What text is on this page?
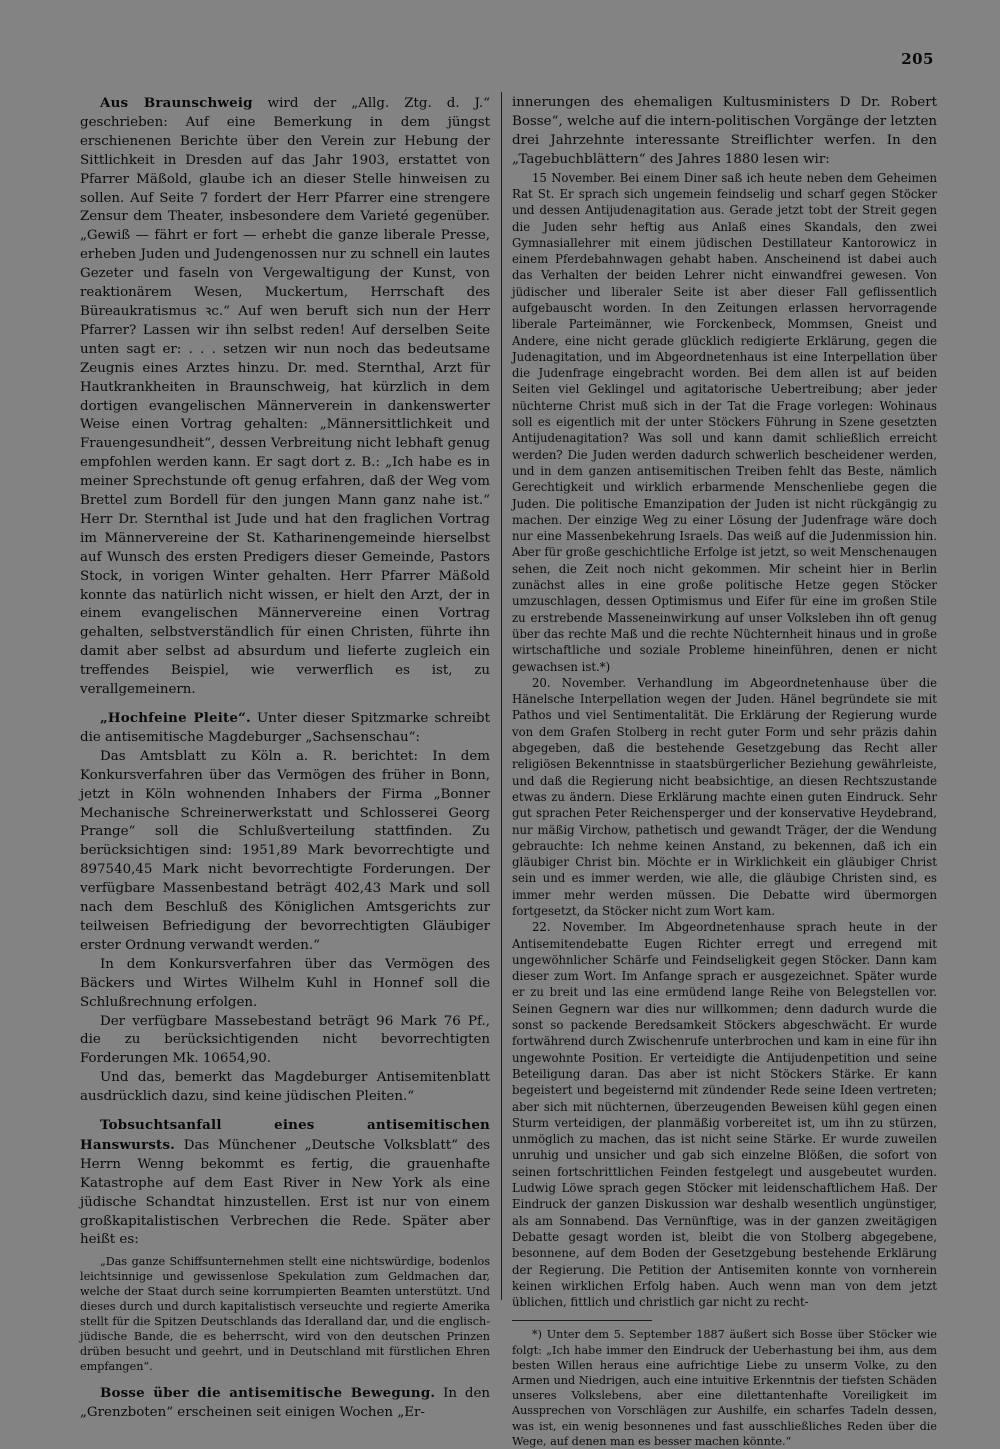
205

Aus Braunschweig wird der „Allg. Ztg. d. J.“ geschrieben: Auf eine Bemerkung in dem jüngst erschienenen Berichte über den Verein zur Hebung der Sittlichkeit in Dresden auf das Jahr 1903, erstattet von Pfarrer Mäßold, glaube ich an dieser Stelle hinweisen zu sollen. Auf Seite 7 fordert der Herr Pfarrer eine strengere Zensur dem Theater, insbesondere dem Varieté gegenüber. „Gewiß — fährt er fort — erhebt die ganze liberale Presse, erheben Juden und Judengenossen nur zu schnell ein lautes Gezeter und faseln von Vergewaltigung der Kunst, von reaktionärem Wesen, Muckertum, Herrschaft des Büreaukratismus ꝛc.“ Auf wen beruft sich nun der Herr Pfarrer? Lassen wir ihn selbst reden! Auf derselben Seite unten sagt er: . . . setzen wir nun noch das bedeutsame Zeugnis eines Arztes hinzu. Dr. med. Sternthal, Arzt für Hautkrankheiten in Braunschweig, hat kürzlich in dem dortigen evangelischen Männerverein in dankenswerter Weise einen Vortrag gehalten: „Männersittlichkeit und Frauengesundheit“, dessen Verbreitung nicht lebhaft genug empfohlen werden kann. Er sagt dort z. B.: „Ich habe es in meiner Sprechstunde oft genug erfahren, daß der Weg vom Brettel zum Bordell für den jungen Mann ganz nahe ist.“ Herr Dr. Sternthal ist Jude und hat den fraglichen Vortrag im Männervereine der St. Katharinengemeinde hierselbst auf Wunsch des ersten Predigers dieser Gemeinde, Pastors Stock, in vorigen Winter gehalten. Herr Pfarrer Mäßold konnte das natürlich nicht wissen, er hielt den Arzt, der in einem evangelischen Männervereine einen Vortrag gehalten, selbstverständlich für einen Christen, führte ihn damit aber selbst ad absurdum und lieferte zugleich ein treffendes Beispiel, wie verwerflich es ist, zu verallgemeinern.

„Hochfeine Pleite“. Unter dieser Spitzmarke schreibt die antisemitische Magdeburger „Sachsenschau“:

Das Amtsblatt zu Köln a. R. berichtet: In dem Konkursverfahren über das Vermögen des früher in Bonn, jetzt in Köln wohnenden Inhabers der Firma „Bonner Mechanische Schreinerwerkstatt und Schlosserei Georg Prange“ soll die Schlußverteilung stattfinden. Zu berücksichtigen sind: 1951,89 Mark bevorrechtigte und 897540,45 Mark nicht bevorrechtigte Forderungen. Der verfügbare Massenbestand beträgt 402,43 Mark und soll nach dem Beschluß des Königlichen Amtsgerichts zur teilweisen Befriedigung der bevorrechtigten Gläubiger erster Ordnung verwandt werden.“

In dem Konkursverfahren über das Vermögen des Bäckers und Wirtes Wilhelm Kuhl in Honnef soll die Schlußrechnung erfolgen.

Der verfügbare Massebestand beträgt 96 Mark 76 Pf., die zu berücksichtigenden nicht bevorrechtigten Forderungen Mk. 10654,90.

Und das, bemerkt das Magdeburger Antisemitenblatt ausdrücklich dazu, sind keine jüdischen Pleiten.“

Tobsuchtsanfall eines antisemitischen Hanswursts. Das Münchener „Deutsche Volksblatt“ des Herrn Wenng bekommt es fertig, die grauenhafte Katastrophe auf dem East River in New York als eine jüdische Schandtat hinzustellen. Erst ist nur von einem großkapitalistischen Verbrechen die Rede. Später aber heißt es:

„Das ganze Schiffsunternehmen stellt eine nichtswürdige, bodenlos leichtsinnige und gewissenlose Spekulation zum Geldmachen dar, welche der Staat durch seine korrumpierten Beamten unterstützt. Und dieses durch und durch kapitalistisch verseuchte und regierte Amerika stellt für die Spitzen Deutschlands das Ideralland dar, und die englisch-jüdische Bande, die es beherrscht, wird von den deutschen Prinzen drüben besucht und geehrt, und in Deutschland mit fürstlichen Ehren empfangen“.

Bosse über die antisemitische Bewegung. In den „Grenzboten“ erscheinen seit einigen Wochen „Er-

innerungen des ehemaligen Kultusministers D Dr. Robert Bosse“, welche auf die intern-politischen Vorgänge der letzten drei Jahrzehnte interessante Streiflichter werfen. In den „Tagebuchblättern“ des Jahres 1880 lesen wir:

15 November. Bei einem Diner saß ich heute neben dem Geheimen Rat St. Er sprach sich ungemein feindselig und scharf gegen Stöcker und dessen Antijudenagitation aus. Gerade jetzt tobt der Streit gegen die Juden sehr heftig aus Anlaß eines Skandals, den zwei Gymnasiallehrer mit einem jüdischen Destillateur Kantorowicz in einem Pferdebahnwagen gehabt haben. Anscheinend ist dabei auch das Verhalten der beiden Lehrer nicht einwandfrei gewesen. Von jüdischer und liberaler Seite ist aber dieser Fall geflissentlich aufgebauscht worden. In den Zeitungen erlassen hervorragende liberale Parteimänner, wie Forckenbeck, Mommsen, Gneist und Andere, eine nicht gerade glücklich redigierte Erklärung, gegen die Judenagitation, und im Abgeordnetenhaus ist eine Interpellation über die Judenfrage eingebracht worden. Bei dem allen ist auf beiden Seiten viel Geklingel und agitatorische Uebertreibung; aber jeder nüchterne Christ muß sich in der Tat die Frage vorlegen: Wohinaus soll es eigentlich mit der unter Stöckers Führung in Szene gesetzten Antijudenagitation? Was soll und kann damit schließlich erreicht werden? Die Juden werden dadurch schwerlich bescheidener werden, und in dem ganzen antisemitischen Treiben fehlt das Beste, nämlich Gerechtigkeit und wirklich erbarmende Menschenliebe gegen die Juden. Die politische Emanzipation der Juden ist nicht rückgängig zu machen. Der einzige Weg zu einer Lösung der Judenfrage wäre doch nur eine Massenbekehrung Israels. Das weiß auf die Judenmission hin. Aber für große geschichtliche Erfolge ist jetzt, so weit Menschenaugen sehen, die Zeit noch nicht gekommen. Mir scheint hier in Berlin zunächst alles in eine große politische Hetze gegen Stöcker umzuschlagen, dessen Optimismus und Eifer für eine im großen Stile zu erstrebende Masseneinwirkung auf unser Volksleben ihn oft genug über das rechte Maß und die rechte Nüchternheit hinaus und in große wirtschaftliche und soziale Probleme hineinführen, denen er nicht gewachsen ist.*)

20. November. Verhandlung im Abgeordnetenhause über die Hänelsche Interpellation wegen der Juden. Hänel begründete sie mit Pathos und viel Sentimentalität. Die Erklärung der Regierung wurde von dem Grafen Stolberg in recht guter Form und sehr präzis dahin abgegeben, daß die bestehende Gesetzgebung das Recht aller religiösen Bekenntnisse in staatsbürgerlicher Beziehung gewährleiste, und daß die Regierung nicht beabsichtige, an diesen Rechtszustande etwas zu ändern. Diese Erklärung machte einen guten Eindruck. Sehr gut sprachen Peter Reichensperger und der konservative Heydebrand, nur mäßig Virchow, pathetisch und gewandt Träger, der die Wendung gebrauchte: Ich nehme keinen Anstand, zu bekennen, daß ich ein gläubiger Christ bin. Möchte er in Wirklichkeit ein gläubiger Christ sein und es immer werden, wie alle, die gläubige Christen sind, es immer mehr werden müssen. Die Debatte wird übermorgen fortgesetzt, da Stöcker nicht zum Wort kam.

22. November. Im Abgeordnetenhause sprach heute in der Antisemitendebatte Eugen Richter erregt und erregend mit ungewöhnlicher Schärfe und Feindseligkeit gegen Stöcker. Dann kam dieser zum Wort. Im Anfange sprach er ausgezeichnet. Später wurde er zu breit und las eine ermüdend lange Reihe von Belegstellen vor. Seinen Gegnern war dies nur willkommen; denn dadurch wurde die sonst so packende Beredsamkeit Stöckers abgeschwächt. Er wurde fortwährend durch Zwischenrufe unterbrochen und kam in eine für ihn ungewohnte Position. Er verteidigte die Antijudenpetition und seine Beteiligung daran. Das aber ist nicht Stöckers Stärke. Er kann begeistert und begeisternd mit zündender Rede seine Ideen vertreten; aber sich mit nüchternen, überzeugenden Beweisen kühl gegen einen Sturm verteidigen, der planmäßig vorbereitet ist, um ihn zu stürzen, unmöglich zu machen, das ist nicht seine Stärke. Er wurde zuweilen unruhig und unsicher und gab sich einzelne Blößen, die sofort von seinen fortschrittlichen Feinden festgelegt und ausgebeutet wurden. Ludwig Löwe sprach gegen Stöcker mit leidenschaftlichem Haß. Der Eindruck der ganzen Diskussion war deshalb wesentlich ungünstiger, als am Sonnabend. Das Vernünftige, was in der ganzen zweitägigen Debatte gesagt worden ist, bleibt die von Stolberg abgegebene, besonnene, auf dem Boden der Gesetzgebung bestehende Erklärung der Regierung. Die Petition der Antisemiten konnte von vornherein keinen wirklichen Erfolg haben. Auch wenn man von dem jetzt üblichen, fittlich und christlich gar nicht zu recht-

*) Unter dem 5. September 1887 äußert sich Bosse über Stöcker wie folgt: „Ich habe immer den Eindruck der Ueberhastung bei ihm, aus dem besten Willen heraus eine aufrichtige Liebe zu unserm Volke, zu den Armen und Niedrigen, auch eine intuitive Erkenntnis der tiefsten Schäden unseres Volkslebens, aber eine dilettantenhafte Voreiligkeit im Aussprechen von Vorschlägen zur Aushilfe, ein scharfes Tadeln dessen, was ist, ein wenig besonnenes und fast ausschließliches Reden über die Wege, auf denen man es besser machen könnte.“
